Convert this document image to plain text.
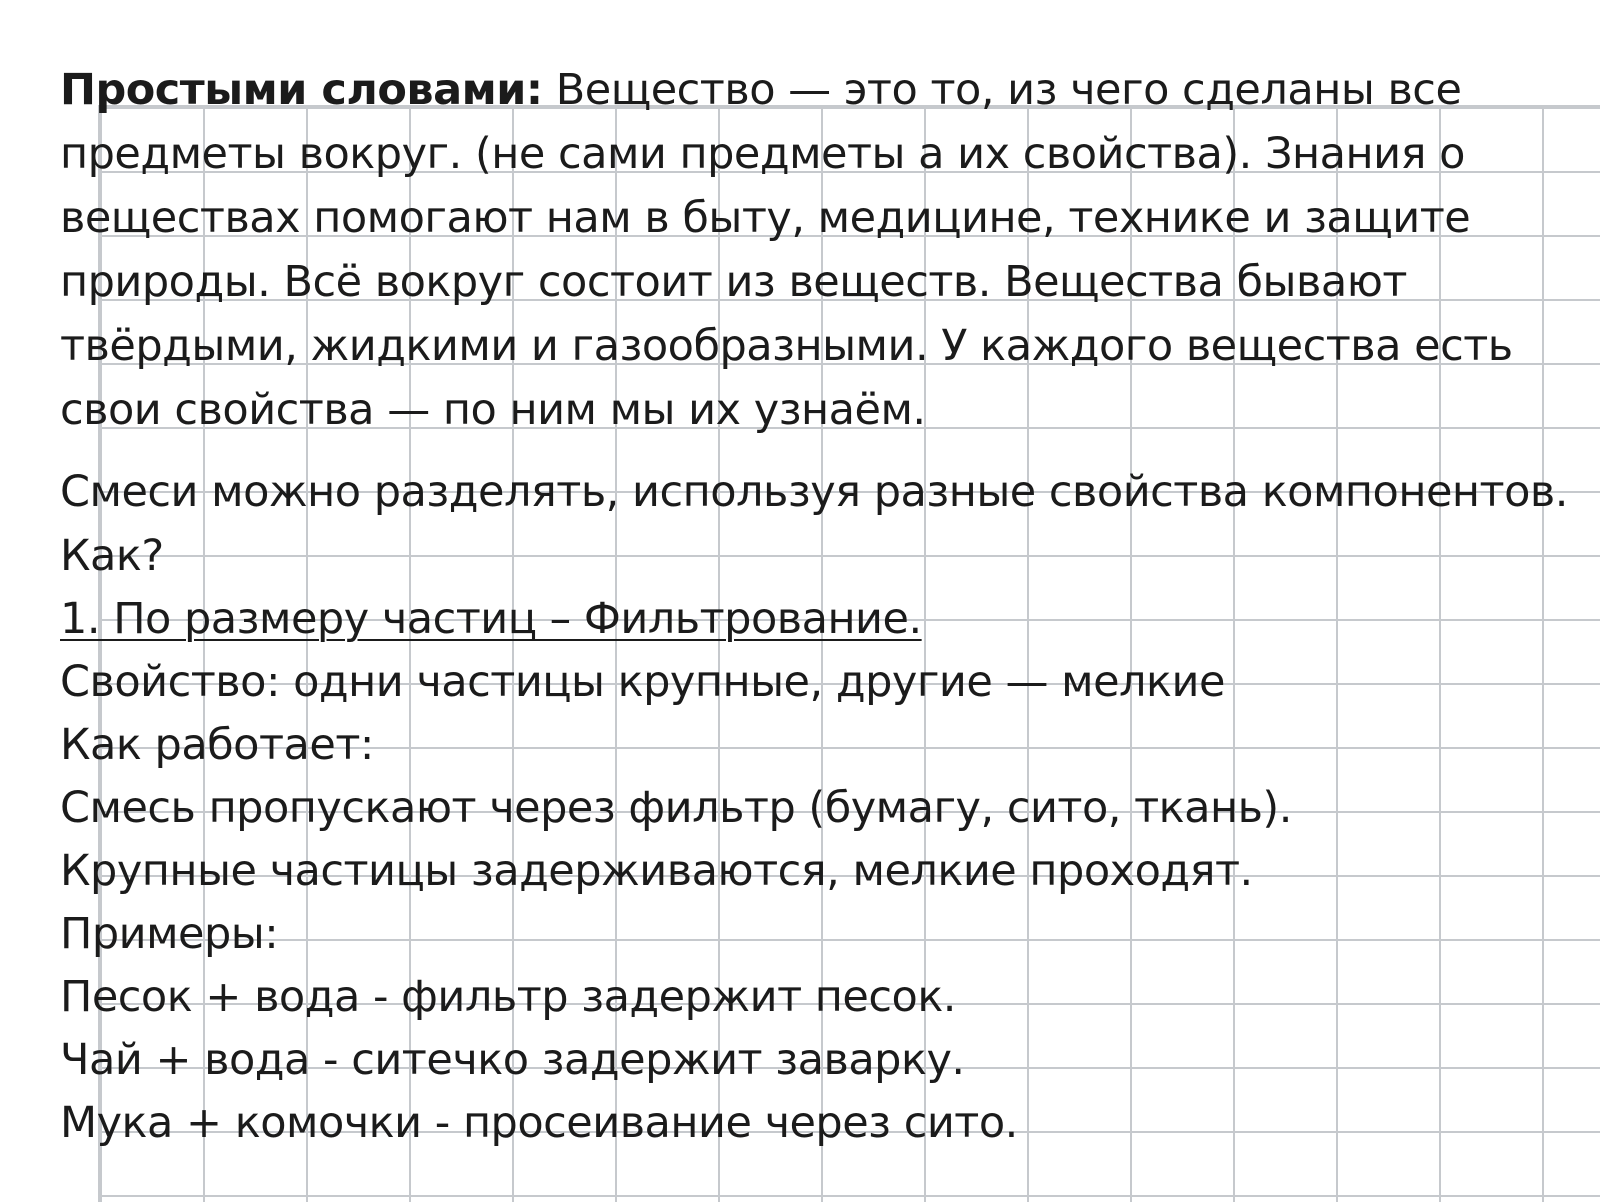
Простыми словами: Вещество — это то, из чего сделаны все предметы вокруг. (не сами предметы а их свойства). Знания о веществах помогают нам в быту, медицине, технике и защите природы. Всё вокруг состоит из веществ. Вещества бывают твёрдыми, жидкими и газообразными. У каждого вещества есть свои свойства — по ним мы их узнаём.

Смеси можно разделять, используя разные свойства компонентов. Как?

1. По размеру частиц – Фильтрование.
Свойство: одни частицы крупные, другие — мелкие
Как работает:
Смесь пропускают через фильтр (бумагу, сито, ткань).
Крупные частицы задерживаются, мелкие проходят.
Примеры:
Песок + вода - фильтр задержит песок.
Чай + вода - ситечко задержит заварку.
Мука + комочки - просеивание через сито.
